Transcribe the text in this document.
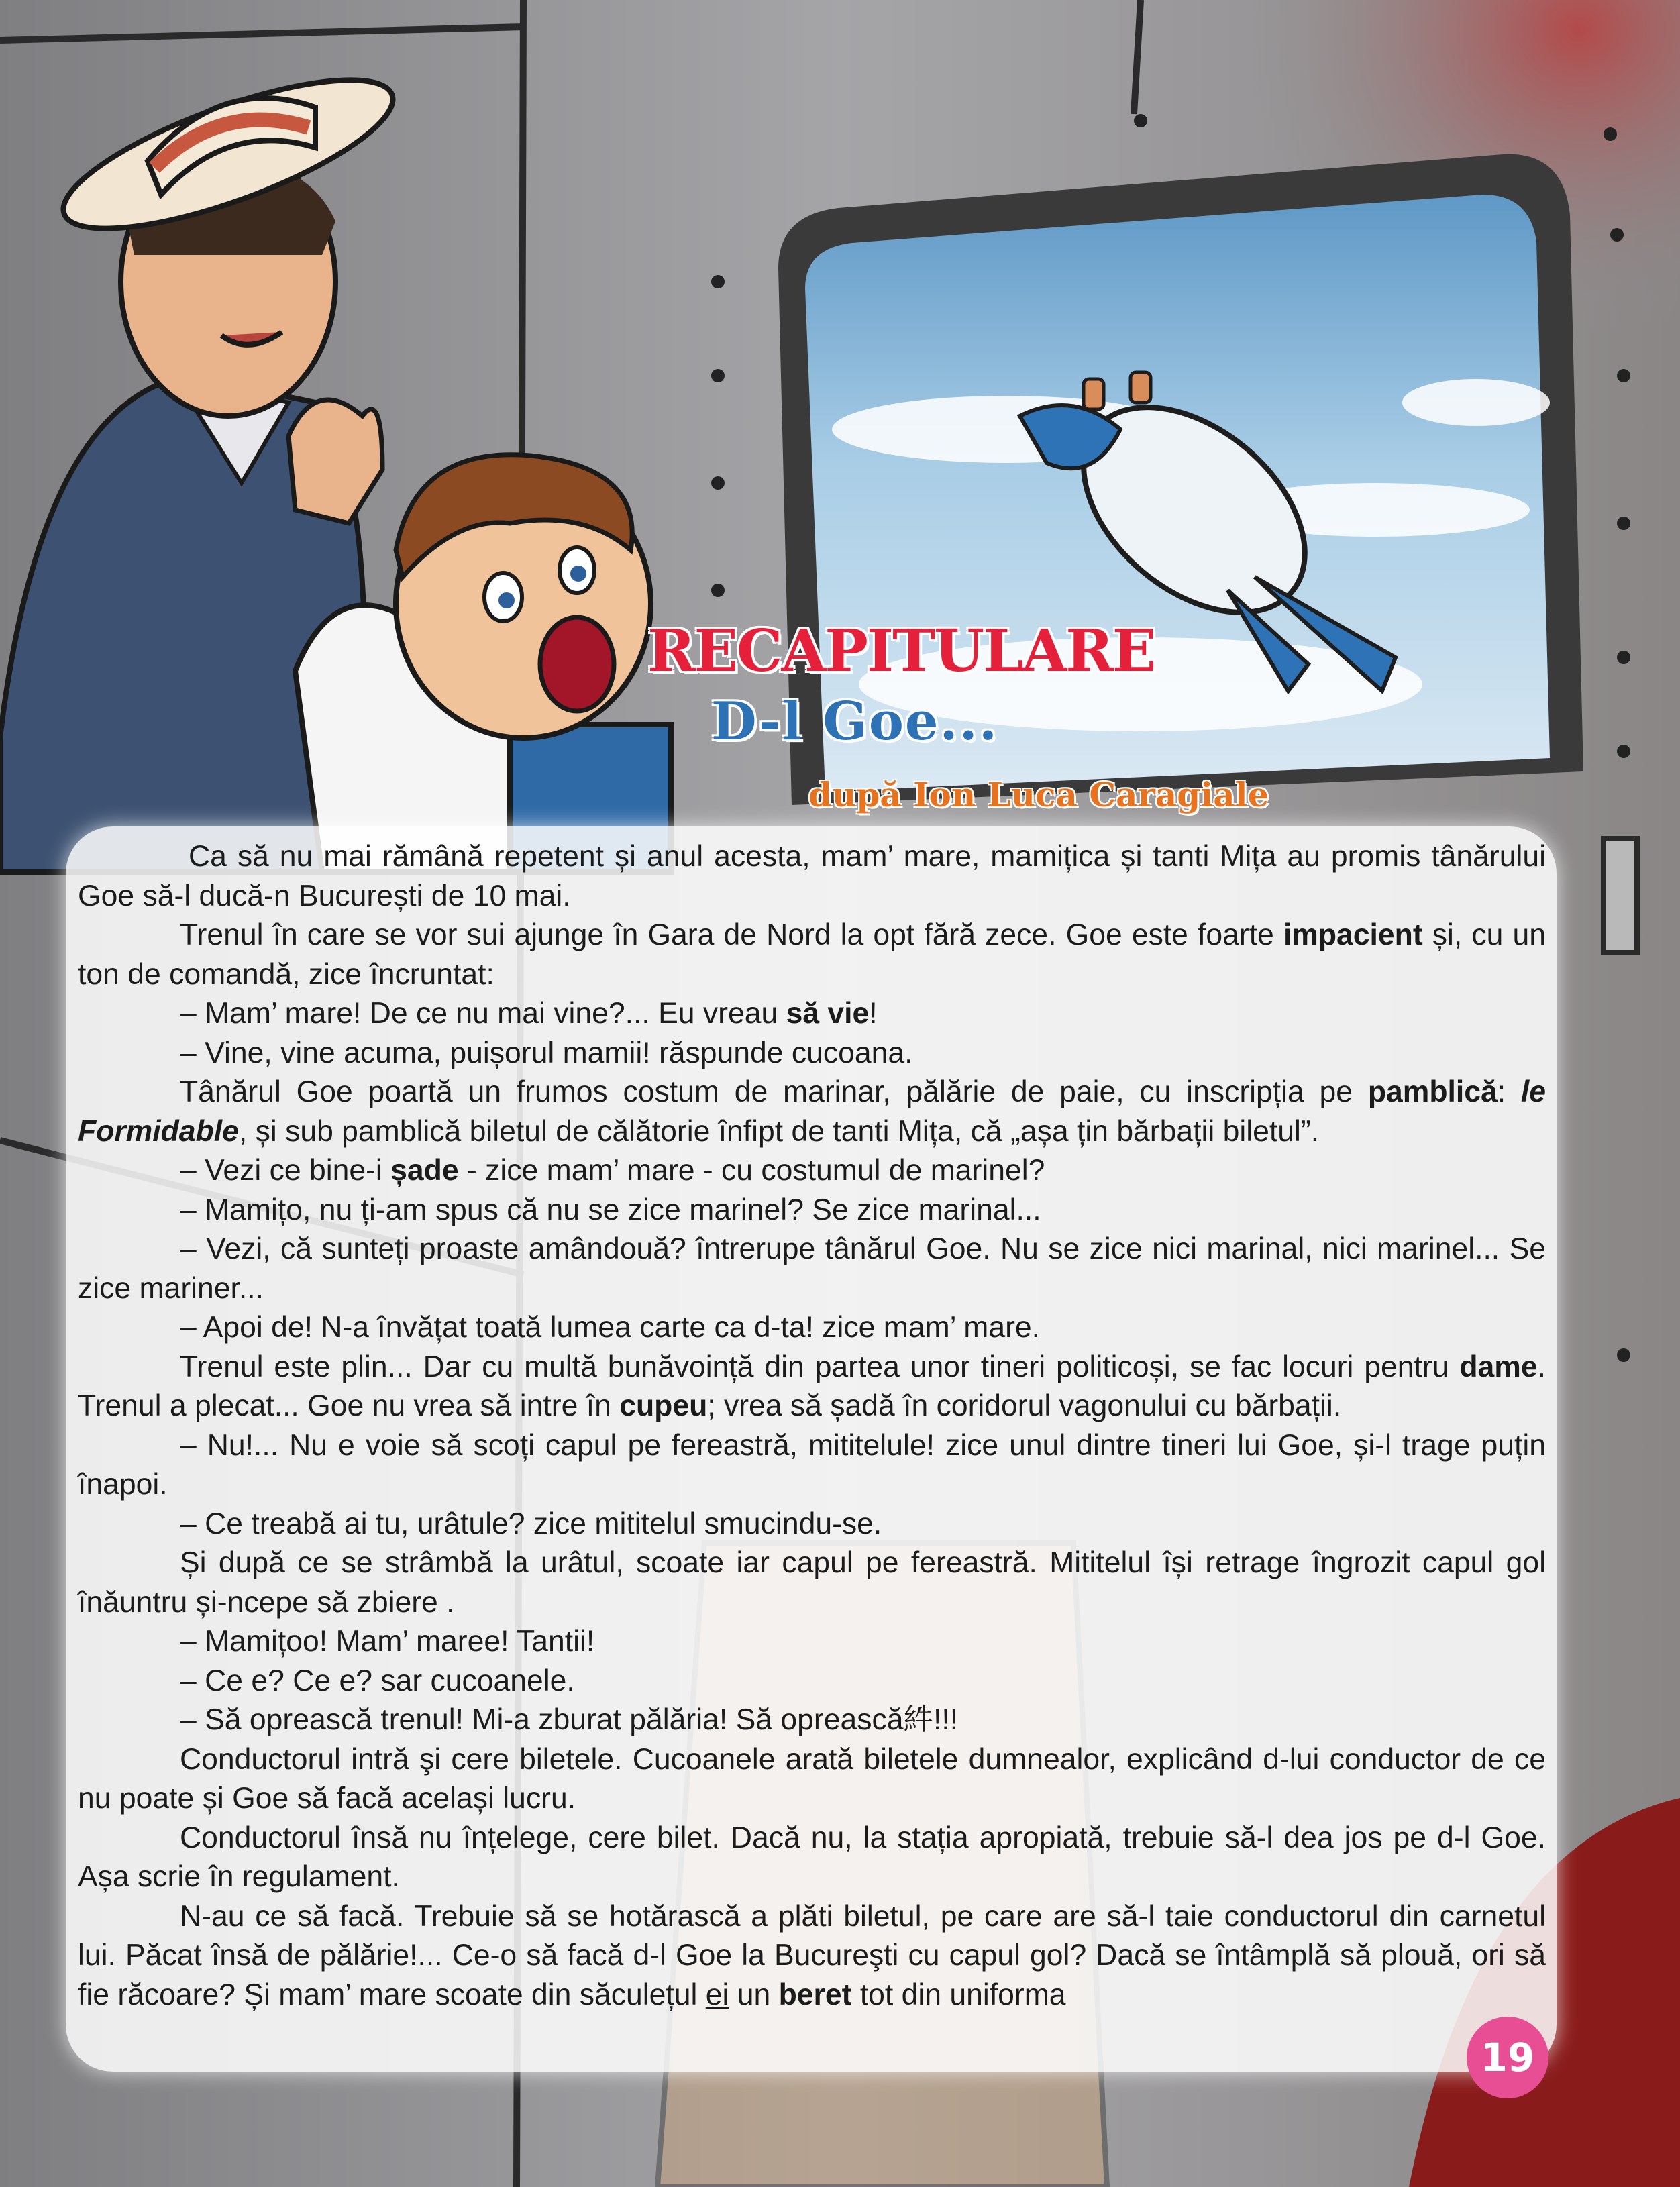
RECAPITULARE
D-l Goe...
după Ion Luca Caragiale

Ca să nu mai rămână repetent și anul acesta, mam’ mare, mamițica și tanti Mița au promis tânărului Goe să-l ducă-n București de 10 mai.

Trenul în care se vor sui ajunge în Gara de Nord la opt fără zece. Goe este foarte impacient și, cu un ton de comandă, zice încruntat:

– Mam’ mare! De ce nu mai vine?... Eu vreau să vie!

– Vine, vine acuma, puișorul mamii! răspunde cucoana.

Tânărul Goe poartă un frumos costum de marinar, pălărie de paie, cu inscripția pe pamblică: le Formidable, și sub pamblică biletul de călătorie înfipt de tanti Mița, că „așa țin bărbații biletul”.

– Vezi ce bine-i șade - zice mam’ mare - cu costumul de marinel?

– Mamițo, nu ți-am spus că nu se zice marinel? Se zice marinal...

– Vezi, că sunteți proaste amândouă? întrerupe tânărul Goe. Nu se zice nici marinal, nici marinel... Se zice mariner...

– Apoi de! N-a învățat toată lumea carte ca d-ta! zice mam’ mare.

Trenul este plin... Dar cu multă bunăvoință din partea unor tineri politicoși, se fac locuri pentru dame. Trenul a plecat... Goe nu vrea să intre în cupeu; vrea să șadă în coridorul vagonului cu bărbații.

– Nu!... Nu e voie să scoți capul pe fereastră, mititelule! zice unul dintre tineri lui Goe, și-l trage puțin înapoi.

– Ce treabă ai tu, urâtule? zice mititelul smucindu-se.

Și după ce se strâmbă la urâtul, scoate iar capul pe fereastră. Mititelul își retrage îngrozit capul gol înăuntru și-ncepe să zbiere .

– Mamițoo! Mam’ maree! Tantii!

– Ce e? Ce e? sar cucoanele.

– Să oprească trenul! Mi-a zburat pălăria! Să oprească䋅!!!

Conductorul intră şi cere biletele. Cucoanele arată biletele dumnealor, explicând d-lui conductor de ce nu poate și Goe să facă același lucru.

Conductorul însă nu înțelege, cere bilet. Dacă nu, la stația apropiată, trebuie să-l dea jos pe d-l Goe. Așa scrie în regulament.

N-au ce să facă. Trebuie să se hotărască a plăti biletul, pe care are să-l taie conductorul din carnetul lui. Păcat însă de pălărie!... Ce-o să facă d-l Goe la Bucureşti cu capul gol? Dacă se întâmplă să plouă, ori să fie răcoare? Și mam’ mare scoate din săculețul ei un beret tot din uniforma

19
